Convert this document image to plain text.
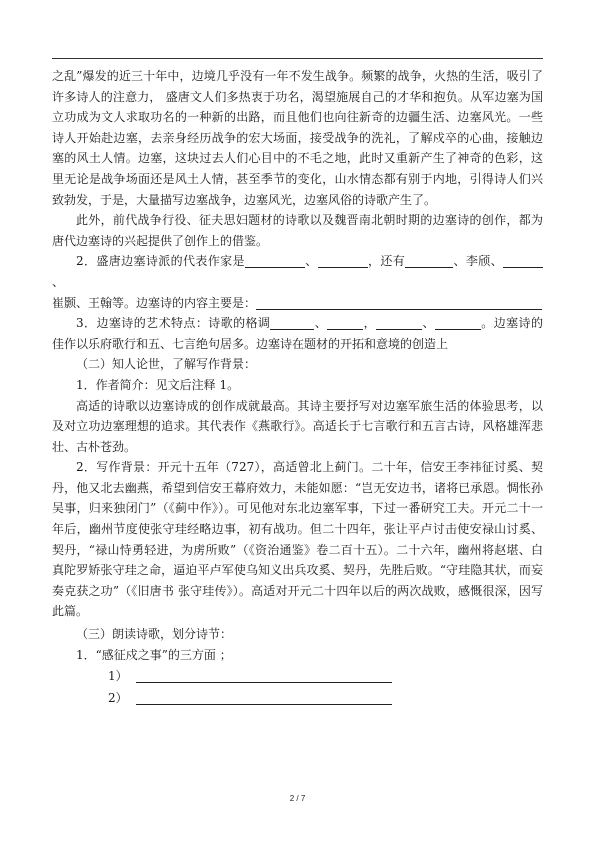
之乱”爆发的近三十年中，边境几乎没有一年不发生战争。频繁的战争，火热的生活，吸引了许多诗人的注意力， 盛唐文人们多热衷于功名，渴望施展自己的才华和抱负。从军边塞为国立功成为文人求取功名的一种新的出路，而且他们也向往新奇的边疆生活、边塞风光。一些诗人开始赴边塞，去亲身经历战争的宏大场面，接受战争的洗礼，了解戍卒的心曲，接触边塞的风土人情。边塞，这块过去人们心目中的不毛之地，此时又重新产生了神奇的色彩，这里无论是战争场面还是风土人情，甚至季节的变化，山水情态都有别于内地，引得诗人们兴致勃发，于是，大量描写边塞战争，边塞风光，边塞风俗的诗歌产生了。

此外，前代战争行役、征夫思妇题材的诗歌以及魏晋南北朝时期的边塞诗的创作，都为唐代边塞诗的兴起提供了创作上的借鉴。

2．盛唐边塞诗派的代表作家是	、	，还有	、李颀、、

崔颢、王翰等。边塞诗的内容主要是：

3．边塞诗的艺术特点：诗歌的格调	、	，	、	。边塞诗的佳作以乐府歌行和五、七言绝句居多。边塞诗在题材的开拓和意境的创造上

（二）知人论世，了解写作背景：

1．作者简介：见文后注释 1。

高适的诗歌以边塞诗成的创作成就最高。其诗主要抒写对边塞军旅生活的体验思考，以及对立功边塞理想的追求。其代表作《燕歌行》。高适长于七言歌行和五言古诗，风格雄浑悲壮、古朴苍劲。

2．写作背景：开元十五年（727），高适曾北上蓟门。二十年，信安王李祎征讨奚、契丹，他又北去幽燕，希望到信安王幕府效力，未能如愿：“岂无安边书，诸将已承恩。惆怅孙吴事，归来独闭门”（《蓟中作》）。可见他对东北边塞军事，下过一番研究工夫。开元二十一年后，幽州节度使张守珪经略边事，初有战功。但二十四年，张让平卢讨击使安禄山讨奚、契丹，“禄山恃勇轻进，为虏所败”（《资治通鉴》卷二百十五）。二十六年，幽州将赵堪、白真陀罗矫张守珪之命，逼迫平卢军使乌知义出兵攻奚、契丹，先胜后败。“守珪隐其状，而妄奏克获之功”（《旧唐书 张守珪传》）。高适对开元二十四年以后的两次战败，感慨很深，因写此篇。

（三）朗读诗歌，划分诗节：

1．“感征戍之事”的三方面 ；

1）

2）

2 / 7
